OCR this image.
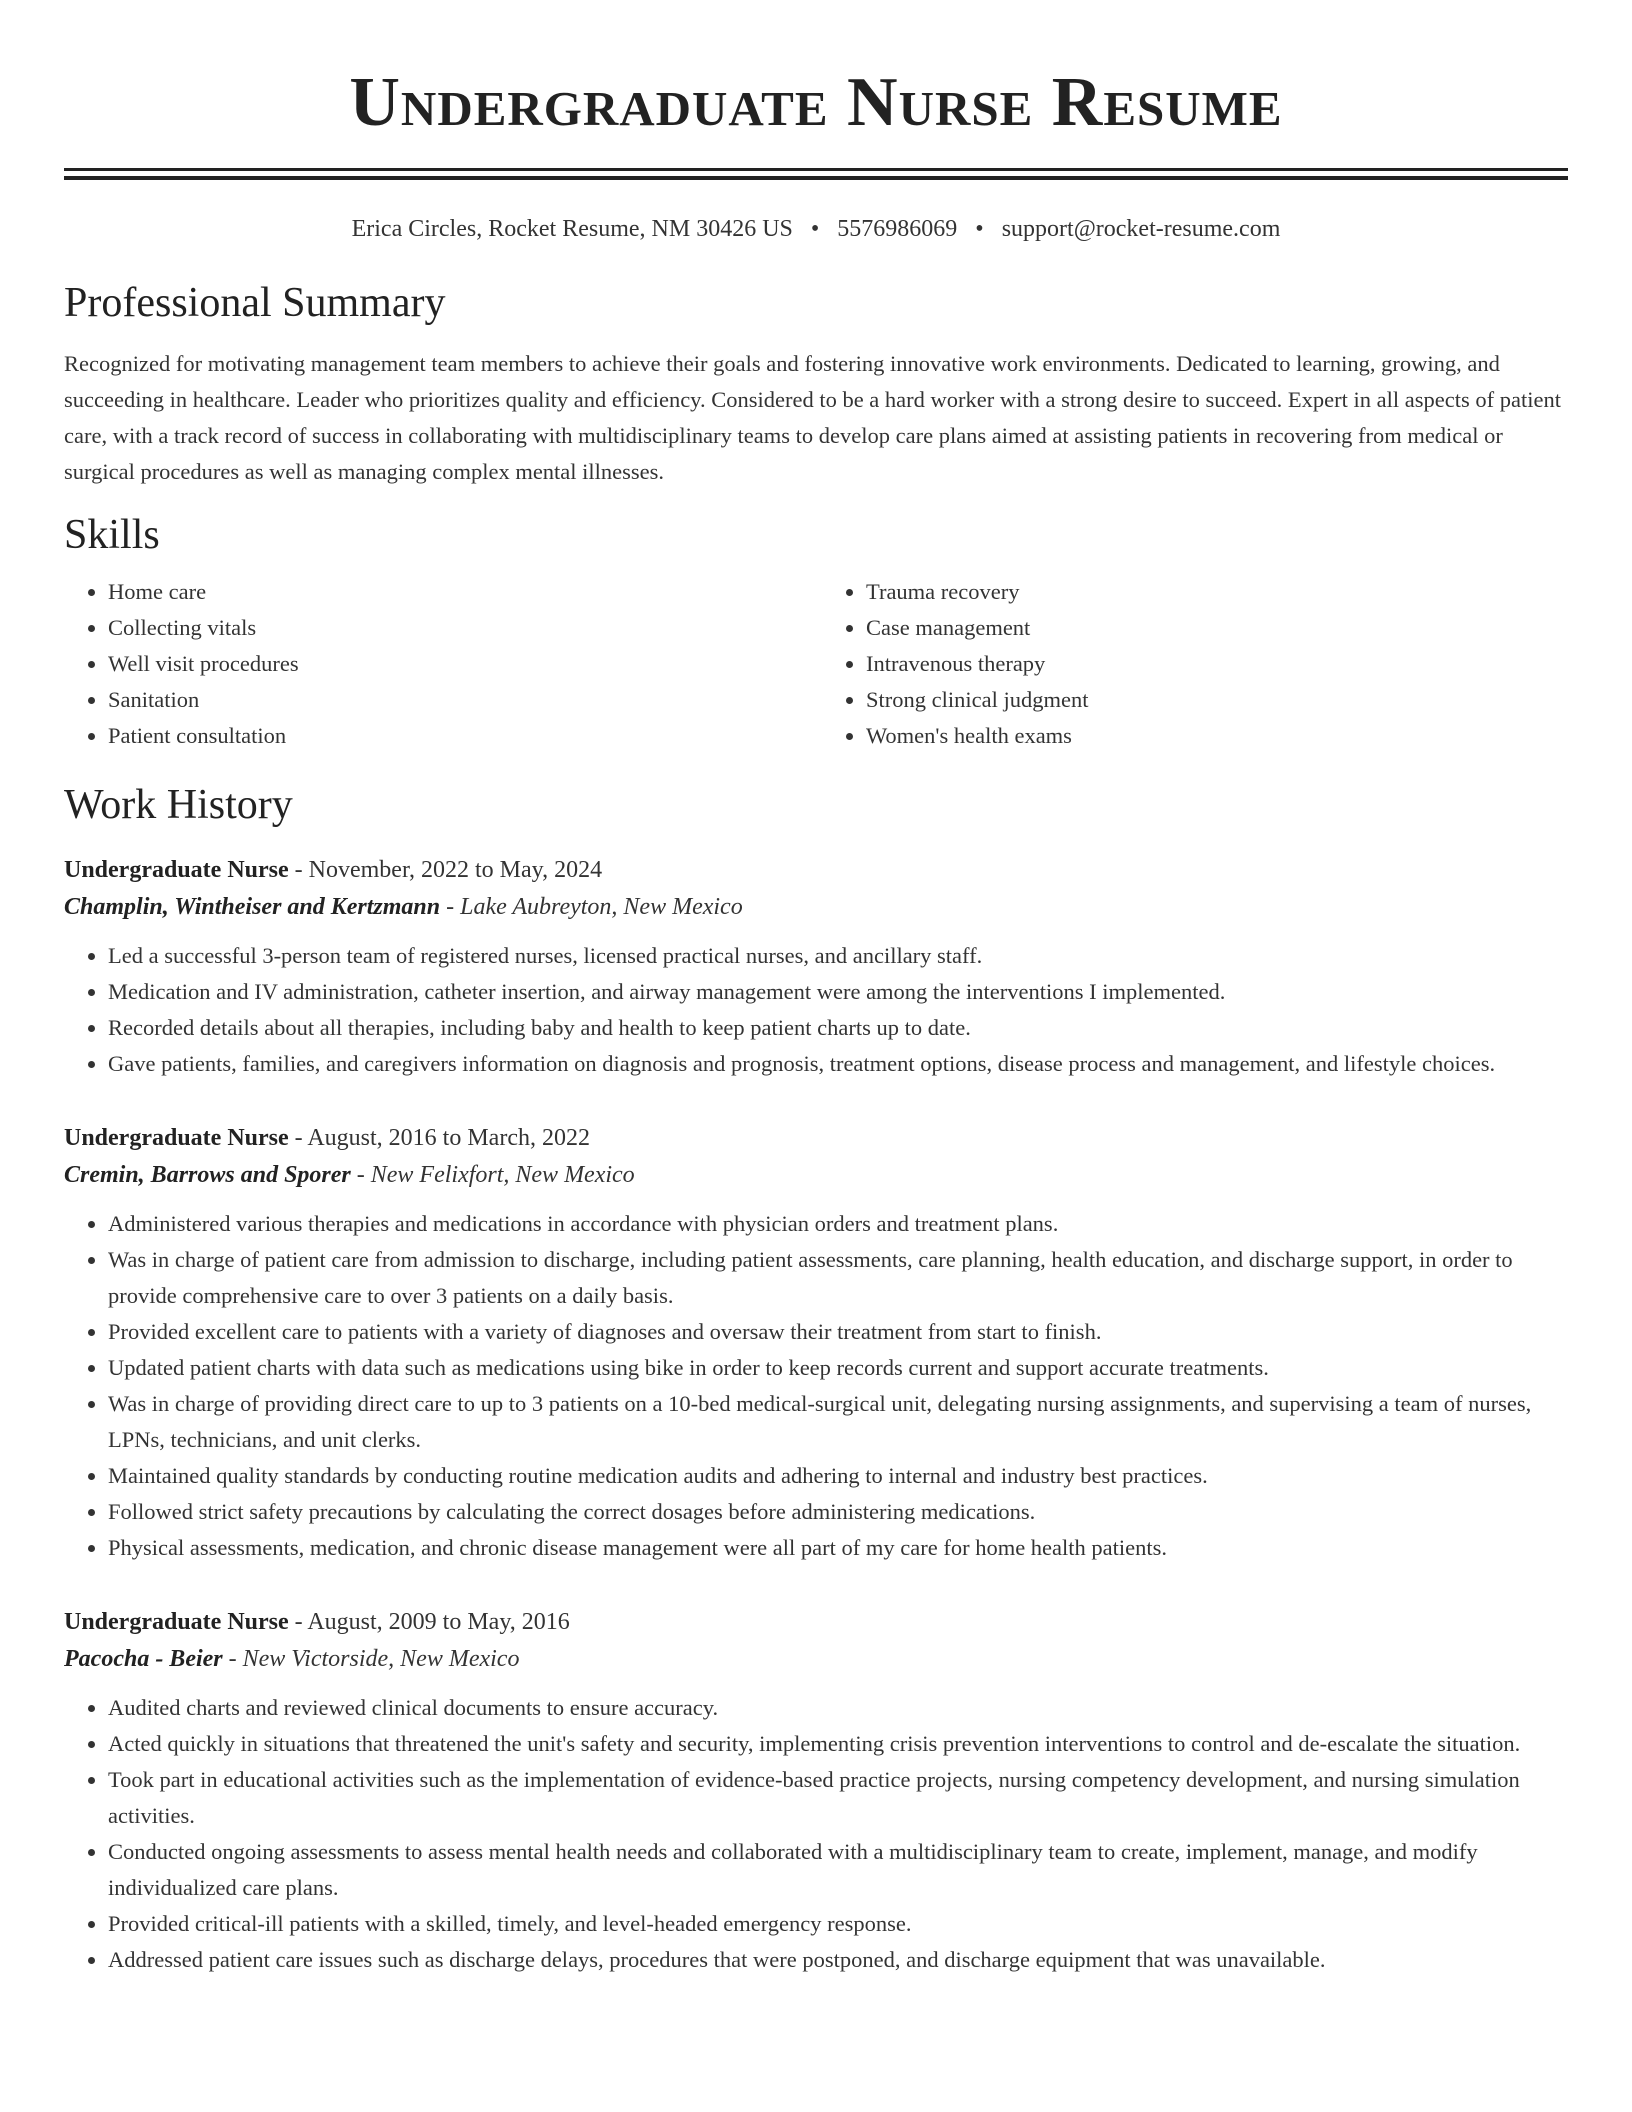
Undergraduate Nurse Resume
Erica Circles, Rocket Resume, NM 30426 US • 5576986069 • support@rocket-resume.com
Professional Summary

Recognized for motivating management team members to achieve their goals and fostering innovative work environments. Dedicated to learning, growing, and succeeding in healthcare. Leader who prioritizes quality and efficiency. Considered to be a hard worker with a strong desire to succeed. Expert in all aspects of patient care, with a track record of success in collaborating with multidisciplinary teams to develop care plans aimed at assisting patients in recovering from medical or surgical procedures as well as managing complex mental illnesses.

Skills
• Home care
• Collecting vitals
• Well visit procedures
• Sanitation
• Patient consultation
• Trauma recovery
• Case management
• Intravenous therapy
• Strong clinical judgment
• Women's health exams
Work History
Undergraduate Nurse - November, 2022 to May, 2024
Champlin, Wintheiser and Kertzmann - Lake Aubreyton, New Mexico
• Led a successful 3-person team of registered nurses, licensed practical nurses, and ancillary staff.
• Medication and IV administration, catheter insertion, and airway management were among the interventions I implemented.
• Recorded details about all therapies, including baby and health to keep patient charts up to date.
• Gave patients, families, and caregivers information on diagnosis and prognosis, treatment options, disease process and management, and lifestyle choices.
Undergraduate Nurse - August, 2016 to March, 2022
Cremin, Barrows and Sporer - New Felixfort, New Mexico
• Administered various therapies and medications in accordance with physician orders and treatment plans.
• Was in charge of patient care from admission to discharge, including patient assessments, care planning, health education, and discharge support, in order to provide comprehensive care to over 3 patients on a daily basis.
• Provided excellent care to patients with a variety of diagnoses and oversaw their treatment from start to finish.
• Updated patient charts with data such as medications using bike in order to keep records current and support accurate treatments.
• Was in charge of providing direct care to up to 3 patients on a 10-bed medical-surgical unit, delegating nursing assignments, and supervising a team of nurses, LPNs, technicians, and unit clerks.
• Maintained quality standards by conducting routine medication audits and adhering to internal and industry best practices.
• Followed strict safety precautions by calculating the correct dosages before administering medications.
• Physical assessments, medication, and chronic disease management were all part of my care for home health patients.
Undergraduate Nurse - August, 2009 to May, 2016
Pacocha - Beier - New Victorside, New Mexico
• Audited charts and reviewed clinical documents to ensure accuracy.
• Acted quickly in situations that threatened the unit's safety and security, implementing crisis prevention interventions to control and de-escalate the situation.
• Took part in educational activities such as the implementation of evidence-based practice projects, nursing competency development, and nursing simulation activities.
• Conducted ongoing assessments to assess mental health needs and collaborated with a multidisciplinary team to create, implement, manage, and modify individualized care plans.
• Provided critical-ill patients with a skilled, timely, and level-headed emergency response.
• Addressed patient care issues such as discharge delays, procedures that were postponed, and discharge equipment that was unavailable.
